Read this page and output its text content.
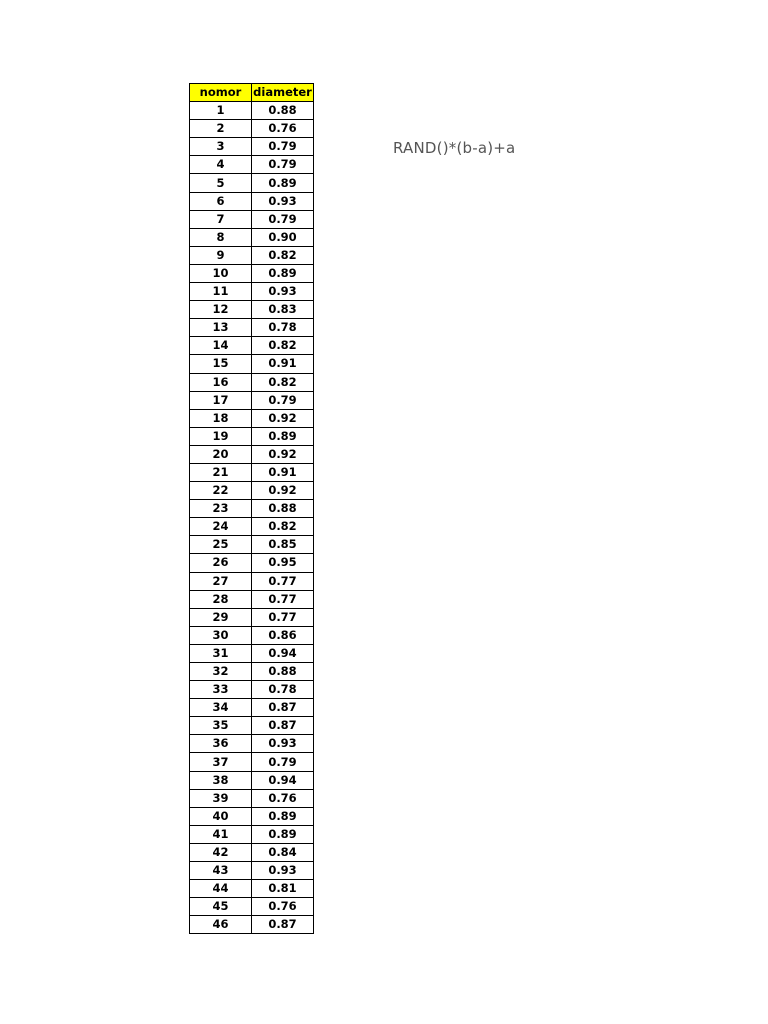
nomor	diameter
1	0.88
2	0.76
3	0.79
4	0.79
5	0.89
6	0.93
7	0.79
8	0.90
9	0.82
10	0.89
11	0.93
12	0.83
13	0.78
14	0.82
15	0.91
16	0.82
17	0.79
18	0.92
19	0.89
20	0.92
21	0.91
22	0.92
23	0.88
24	0.82
25	0.85
26	0.95
27	0.77
28	0.77
29	0.77
30	0.86
31	0.94
32	0.88
33	0.78
34	0.87
35	0.87
36	0.93
37	0.79
38	0.94
39	0.76
40	0.89
41	0.89
42	0.84
43	0.93
44	0.81
45	0.76
46	0.87
RAND()*(b-a)+a
